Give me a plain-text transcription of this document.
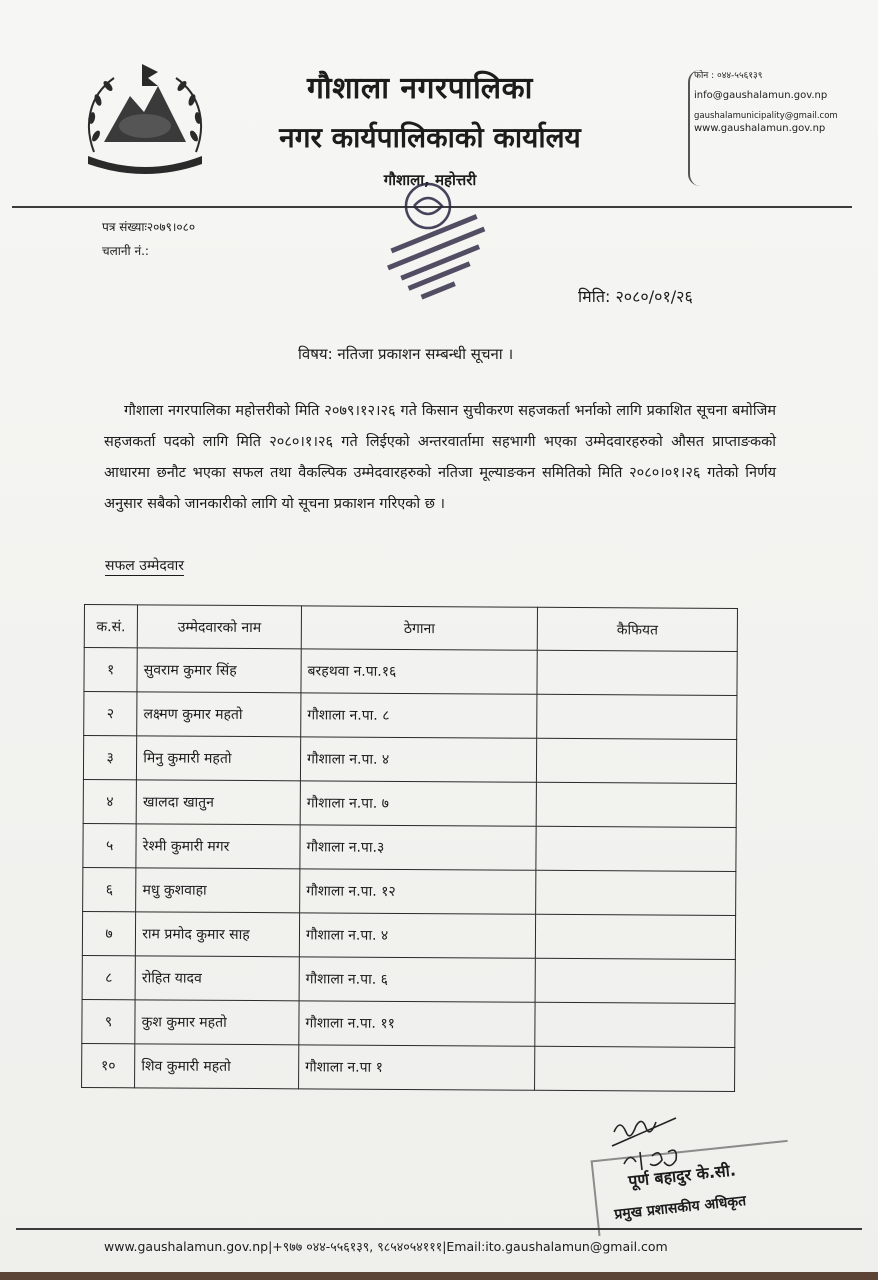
गौशाला नगरपालिका
नगर कार्यपालिकाको कार्यालय
गौशाला, महोत्तरी
फोन : ०४४-५५६१३९
info@gaushalamun.gov.np
gaushalamunicipality@gmail.com
www.gaushalamun.gov.np
पत्र संख्याः२०७९।०८०
चलानी नं.:
मिति: २०८०/०१/२६
विषय: नतिजा प्रकाशन सम्बन्धी सूचना ।
गौशाला नगरपालिका महोत्तरीको मिति २०७९।१२।२६ गते किसान सुचीकरण सहजकर्ता भर्नाको लागि प्रकाशित सूचना बमोजिम सहजकर्ता पदको लागि मिति २०८०।१।२६ गते लिईएको अन्तरवार्तामा सहभागी भएका उम्मेदवारहरुको औसत प्राप्ताङकको आधारमा छनौट भएका सफल तथा वैकल्पिक उम्मेदवारहरुको नतिजा मूल्याङकन समितिको मिति २०८०।०१।२६ गतेको निर्णय अनुसार सबैको जानकारीको लागि यो सूचना प्रकाशन गरिएको छ ।
सफल उम्मेदवार
क.सं.	उम्मेदवारको नाम	ठेगाना	कैफियत
१	सुवराम कुमार सिंह	बरहथवा न.पा.१६	
२	लक्ष्मण कुमार महतो	गौशाला न.पा. ८	
३	मिनु कुमारी महतो	गौशाला न.पा. ४	
४	खालदा खातुन	गौशाला न.पा. ७	
५	रेश्मी कुमारी मगर	गौशाला न.पा.३	
६	मधु कुशवाहा	गौशाला न.पा. १२	
७	राम प्रमोद कुमार साह	गौशाला न.पा. ४	
८	रोहित यादव	गौशाला न.पा. ६	
९	कुश कुमार महतो	गौशाला न.पा. ११	
१०	शिव कुमारी महतो	गौशाला न.पा १	
पूर्ण बहादुर के.सी.
प्रमुख प्रशासकीय अधिकृत
www.gaushalamun.gov.np|+९७७ ०४४-५५६१३९, ९८५४०५४१११|Email:ito.gaushalamun@gmail.com
